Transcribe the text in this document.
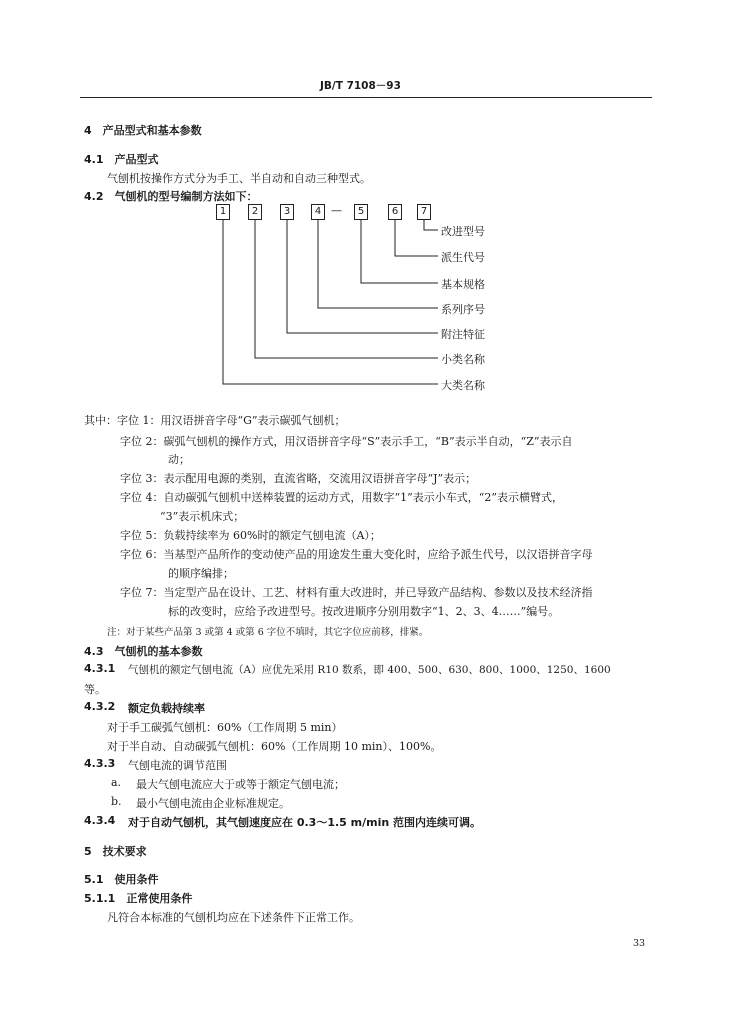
JB/T 7108－93
4　产品型式和基本参数
4.1　产品型式
气刨机按操作方式分为手工、半自动和自动三种型式。
4.2　气刨机的型号编制方法如下：
1	2	3	4 —	5	6	7
改进型号
派生代号
基本规格
系列序号
附注特征
小类名称
大类名称
其中：字位 1：用汉语拼音字母“G”表示碳弧气刨机；
字位 2：碳弧气刨机的操作方式，用汉语拼音字母“S”表示手工，“B”表示半自动，“Z”表示自
动；
字位 3：表示配用电源的类别，直流省略，交流用汉语拼音字母“J”表示；
字位 4：自动碳弧气刨机中送棒装置的运动方式，用数字“1”表示小车式，“2”表示横臂式，
“3”表示机床式；
字位 5：负载持续率为 60%时的额定气刨电流（A）；
字位 6：当基型产品所作的变动使产品的用途发生重大变化时，应给予派生代号，以汉语拼音字母
的顺序编排；
字位 7：当定型产品在设计、工艺、材料有重大改进时，并已导致产品结构、参数以及技术经济指
标的改变时，应给予改进型号。按改进顺序分别用数字“1、2、3、4……”编号。
注：对于某些产品第 3 或第 4 或第 6 字位不填时，其它字位应前移，排紧。
4.3　气刨机的基本参数
4.3.1 气刨机的额定气刨电流（A）应优先采用 R10 数系，即 400、500、630、800、1000、1250、1600
等。
4.3.2 额定负载持续率
对于手工碳弧气刨机：60%（工作周期 5 min）
对于半自动、自动碳弧气刨机：60%（工作周期 10 min）、100%。
4.3.3 气刨电流的调节范围
a. 最大气刨电流应大于或等于额定气刨电流；
b. 最小气刨电流由企业标准规定。
4.3.4 对于自动气刨机，其气刨速度应在 0.3～1.5 m/min 范围内连续可调。
5　技术要求
5.1　使用条件
5.1.1　正常使用条件
凡符合本标准的气刨机均应在下述条件下正常工作。
33
